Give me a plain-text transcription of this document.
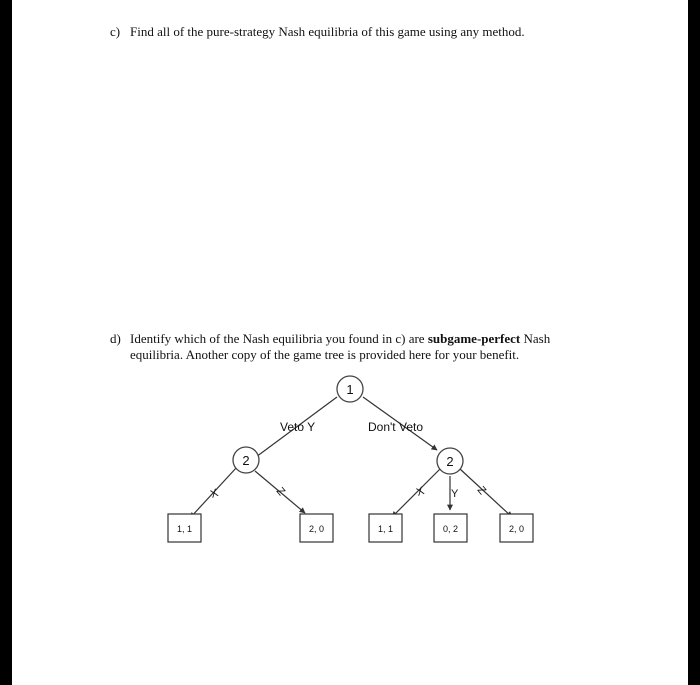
c) Find all of the pure-strategy Nash equilibria of this game using any method.
d) Identify which of the Nash equilibria you found in c) are subgame-perfect Nash
equilibria. Another copy of the game tree is provided here for your benefit.
1
2	2
Veto Y	Don't Veto
X	Z	X Y Z
1, 1	2, 0	1, 1	0, 2	2, 0
